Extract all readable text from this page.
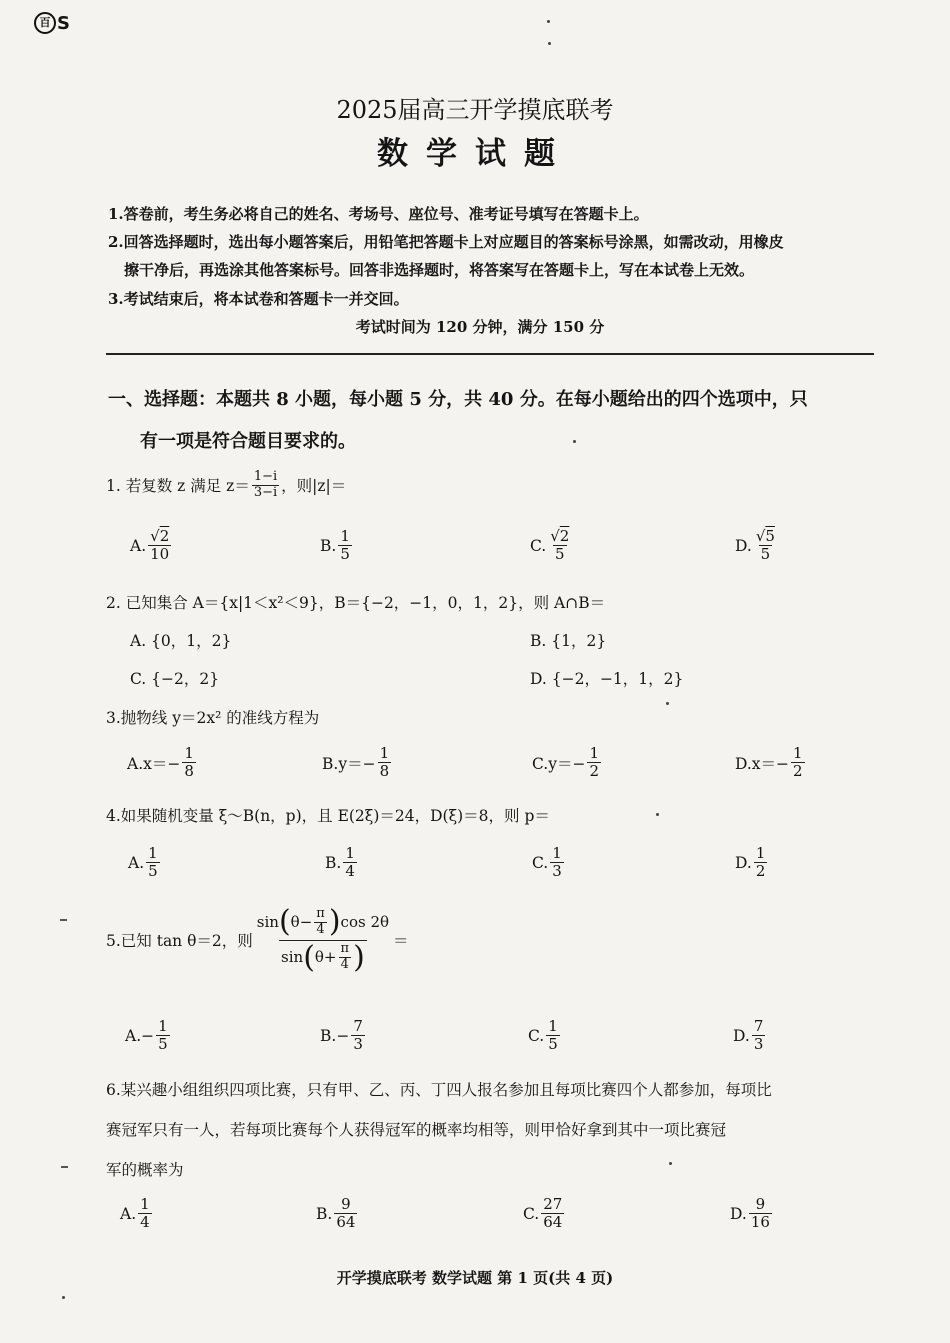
百 S
2025届高三开学摸底联考
数学试题
1.答卷前，考生务必将自己的姓名、考场号、座位号、准考证号填写在答题卡上。
2.回答选择题时，选出每小题答案后，用铅笔把答题卡上对应题目的答案标号涂黑，如需改动，用橡皮
擦干净后，再选涂其他答案标号。回答非选择题时，将答案写在答题卡上，写在本试卷上无效。
3.考试结束后，将本试卷和答题卡一并交回。
考试时间为 120 分钟，满分 150 分
一、选择题：本题共 8 小题，每小题 5 分，共 40 分。在每小题给出的四个选项中，只
有一项是符合题目要求的。
1. 若复数 z 满足 $z= \frac{1-i}{3-i}$ ，则|z|＝
A. $\frac{√2}{10}$	B. $\frac{1}{5}$	C. $\frac{√2}{5}$	D. $\frac{√5}{5}$
2. 已知集合 A＝{x|1＜x²＜9}，B＝{−2，−1，0，1，2}，则 A∩B＝
A. {0，1，2}	B. {1，2}
C. {−2，2}	D. {−2，−1，1，2}
3.抛物线 y＝2x² 的准线方程为
$A.x=- \frac{1}{8}$	$B.y=- \frac{1}{8}$	$C.y=- \frac{1}{2}$	$D.x=- \frac{1}{2}$
4.如果随机变量 ξ～B(n，p)，且 E(2ξ)＝24，D(ξ)＝8，则 p＝
A. $\frac{1}{5}$	B. $\frac{1}{4}$	C. $\frac{1}{3}$	D. $\frac{1}{2}$
5.已知 tan θ＝2，则 $\frac{\sin ( \theta- \frac{\pi}{4} ) \cos 2\theta}{\sin ( \theta+ \frac{\pi}{4} )}$ ＝
$A.- \frac{1}{5}$	$B.- \frac{7}{3}$	C. $\frac{1}{5}$	D. $\frac{7}{3}$
6.某兴趣小组组织四项比赛，只有甲、乙、丙、丁四人报名参加且每项比赛四个人都参加，每项比
赛冠军只有一人，若每项比赛每个人获得冠军的概率均相等，则甲恰好拿到其中一项比赛冠
军的概率为
A. $\frac{1}{4}$	B. $\frac{9}{64}$	C. $\frac{27}{64}$	D. $\frac{9}{16}$
开学摸底联考 数学试题 第 1 页(共 4 页)
